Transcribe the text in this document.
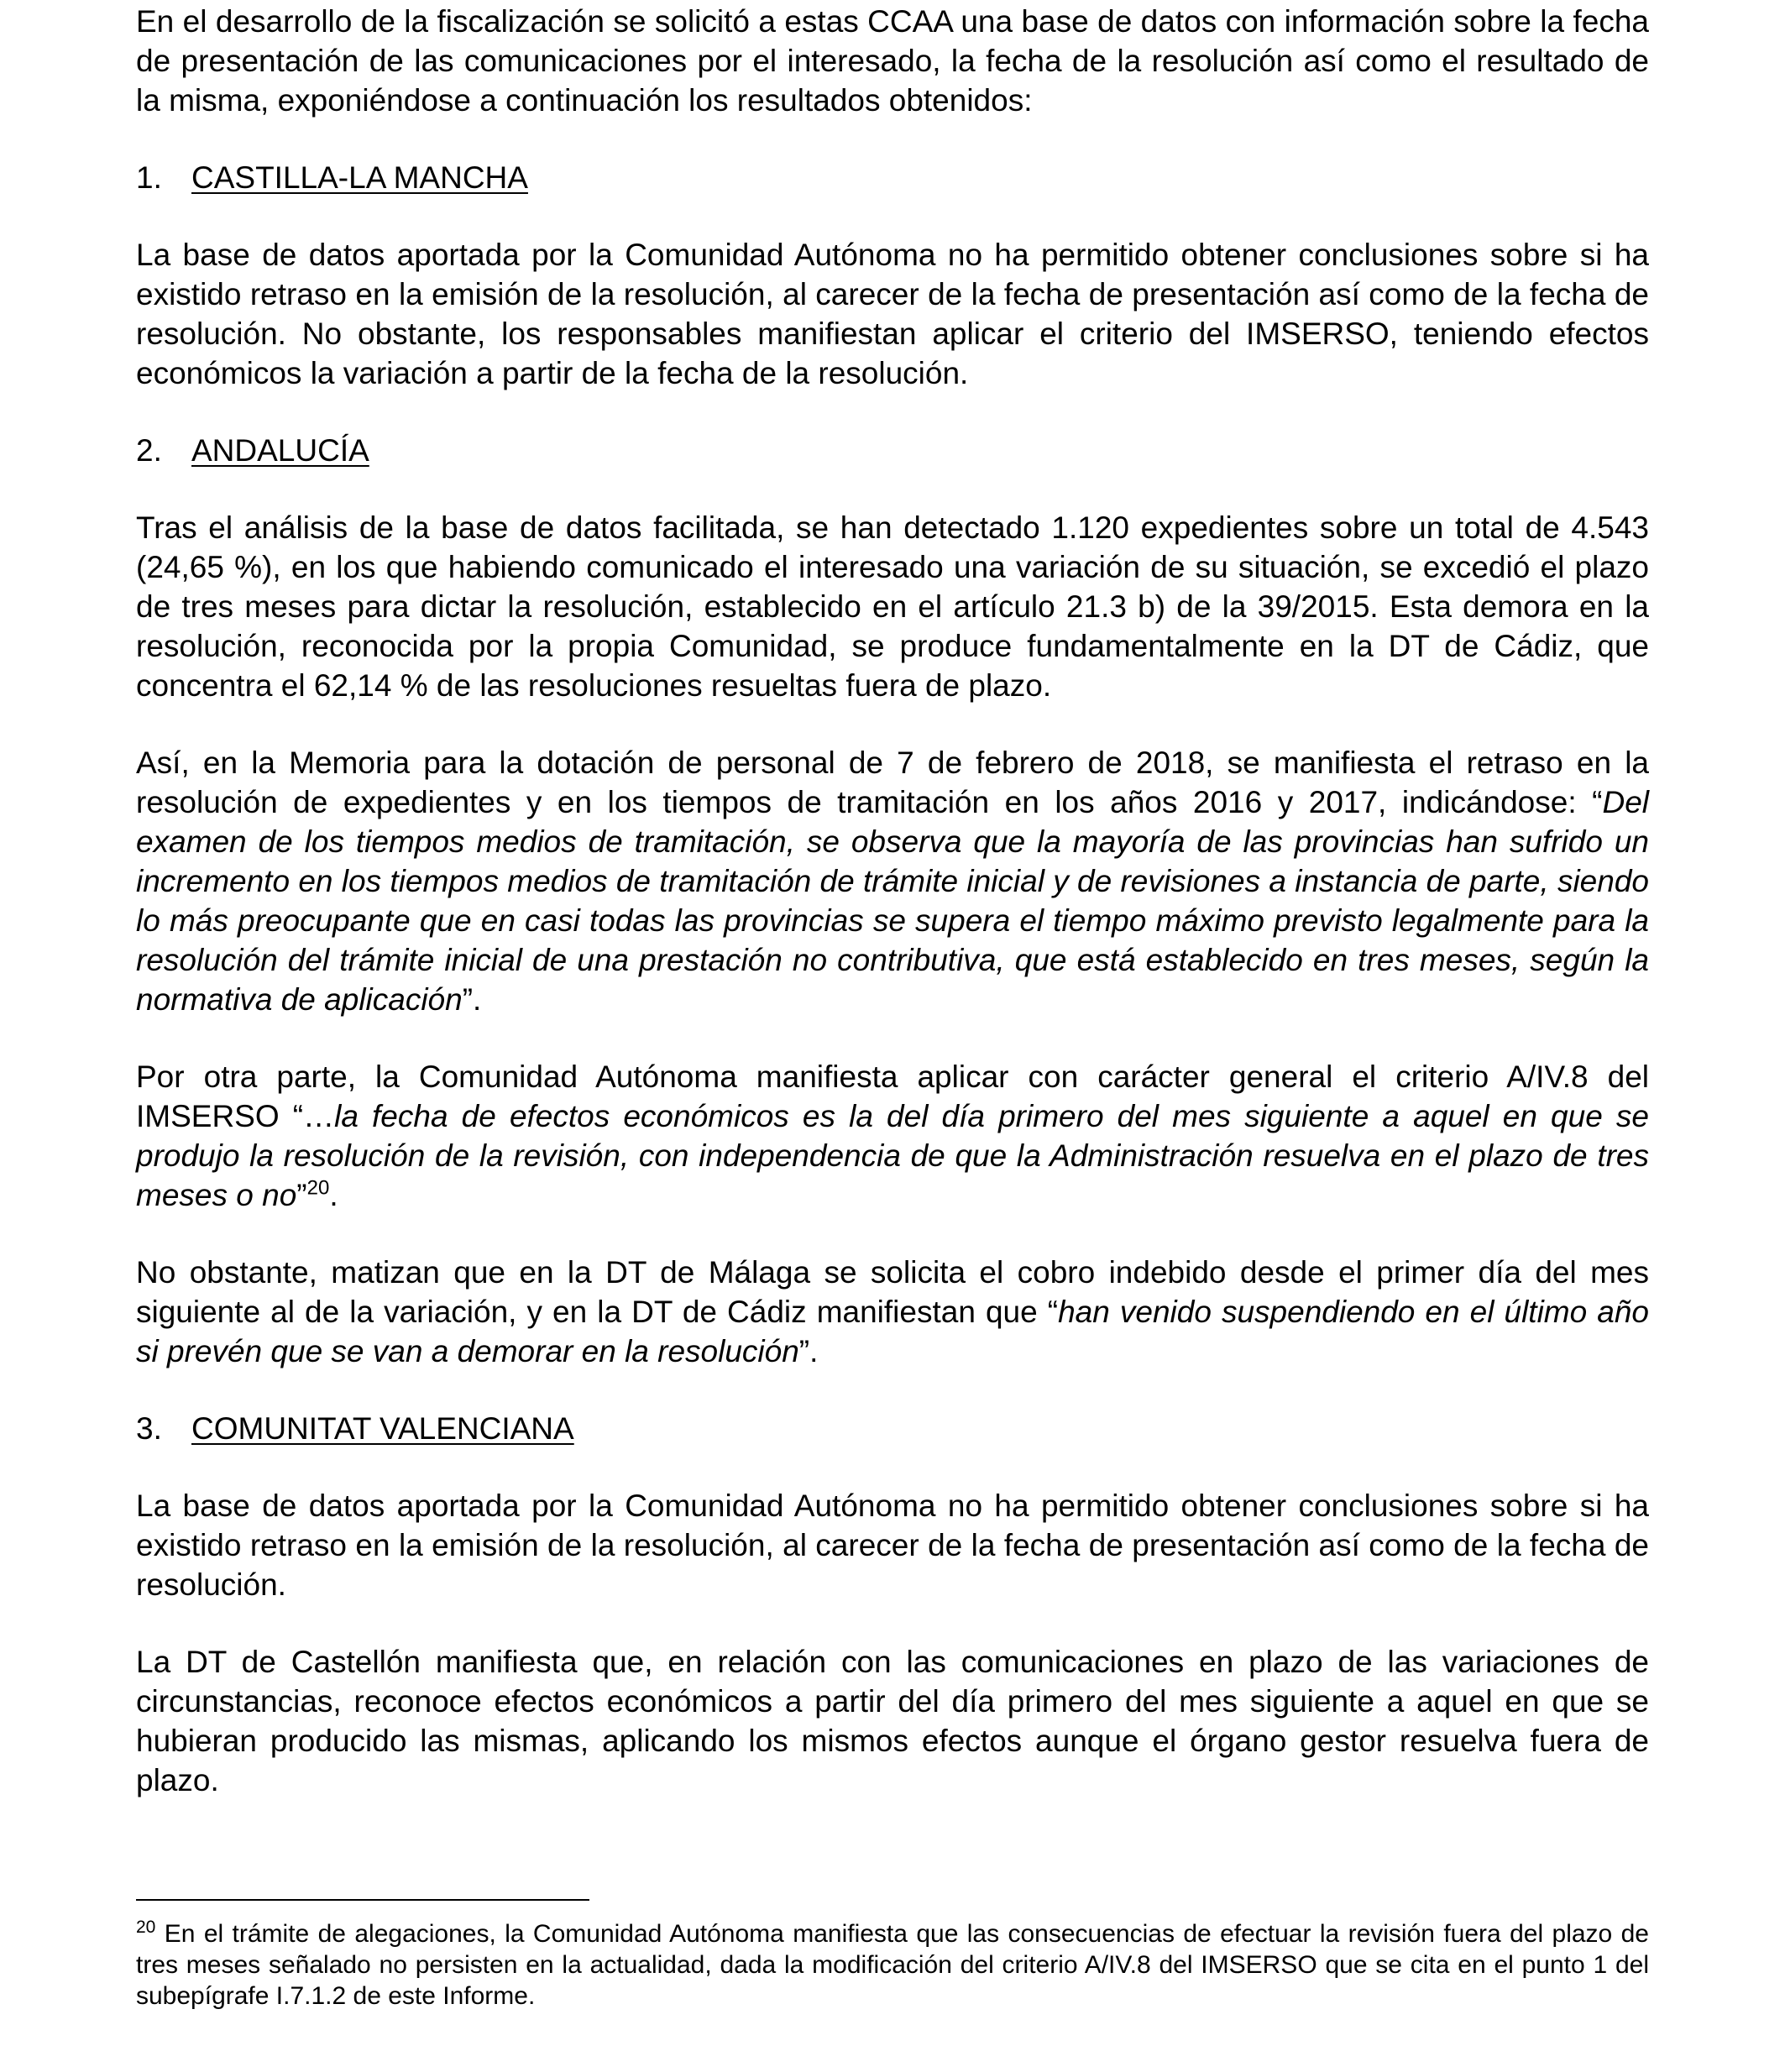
En el desarrollo de la fiscalización se solicitó a estas CCAA una base de datos con información sobre la fecha de presentación de las comunicaciones por el interesado, la fecha de la resolución así como el resultado de la misma, exponiéndose a continuación los resultados obtenidos:

1. CASTILLA-LA MANCHA

La base de datos aportada por la Comunidad Autónoma no ha permitido obtener conclusiones sobre si ha existido retraso en la emisión de la resolución, al carecer de la fecha de presentación así como de la fecha de resolución. No obstante, los responsables manifiestan aplicar el criterio del IMSERSO, teniendo efectos económicos la variación a partir de la fecha de la resolución.

2. ANDALUCÍA

Tras el análisis de la base de datos facilitada, se han detectado 1.120 expedientes sobre un total de 4.543 (24,65 %), en los que habiendo comunicado el interesado una variación de su situación, se excedió el plazo de tres meses para dictar la resolución, establecido en el artículo 21.3 b) de la 39/2015. Esta demora en la resolución, reconocida por la propia Comunidad, se produce fundamentalmente en la DT de Cádiz, que concentra el 62,14 % de las resoluciones resueltas fuera de plazo.

Así, en la Memoria para la dotación de personal de 7 de febrero de 2018, se manifiesta el retraso en la resolución de expedientes y en los tiempos de tramitación en los años 2016 y 2017, indicándose: “Del examen de los tiempos medios de tramitación, se observa que la mayoría de las provincias han sufrido un incremento en los tiempos medios de tramitación de trámite inicial y de revisiones a instancia de parte, siendo lo más preocupante que en casi todas las provincias se supera el tiempo máximo previsto legalmente para la resolución del trámite inicial de una prestación no contributiva, que está establecido en tres meses, según la normativa de aplicación”.

Por otra parte, la Comunidad Autónoma manifiesta aplicar con carácter general el criterio A/IV.8 del IMSERSO “…la fecha de efectos económicos es la del día primero del mes siguiente a aquel en que se produjo la resolución de la revisión, con independencia de que la Administración resuelva en el plazo de tres meses o no”$^{20}$.

No obstante, matizan que en la DT de Málaga se solicita el cobro indebido desde el primer día del mes siguiente al de la variación, y en la DT de Cádiz manifiestan que “han venido suspendiendo en el último año si prevén que se van a demorar en la resolución”.

3. COMUNITAT VALENCIANA

La base de datos aportada por la Comunidad Autónoma no ha permitido obtener conclusiones sobre si ha existido retraso en la emisión de la resolución, al carecer de la fecha de presentación así como de la fecha de resolución.

La DT de Castellón manifiesta que, en relación con las comunicaciones en plazo de las variaciones de circunstancias, reconoce efectos económicos a partir del día primero del mes siguiente a aquel en que se hubieran producido las mismas, aplicando los mismos efectos aunque el órgano gestor resuelva fuera de plazo.

$^{20}$ En el trámite de alegaciones, la Comunidad Autónoma manifiesta que las consecuencias de efectuar la revisión fuera del plazo de tres meses señalado no persisten en la actualidad, dada la modificación del criterio A/IV.8 del IMSERSO que se cita en el punto 1 del subepígrafe I.7.1.2 de este Informe.
